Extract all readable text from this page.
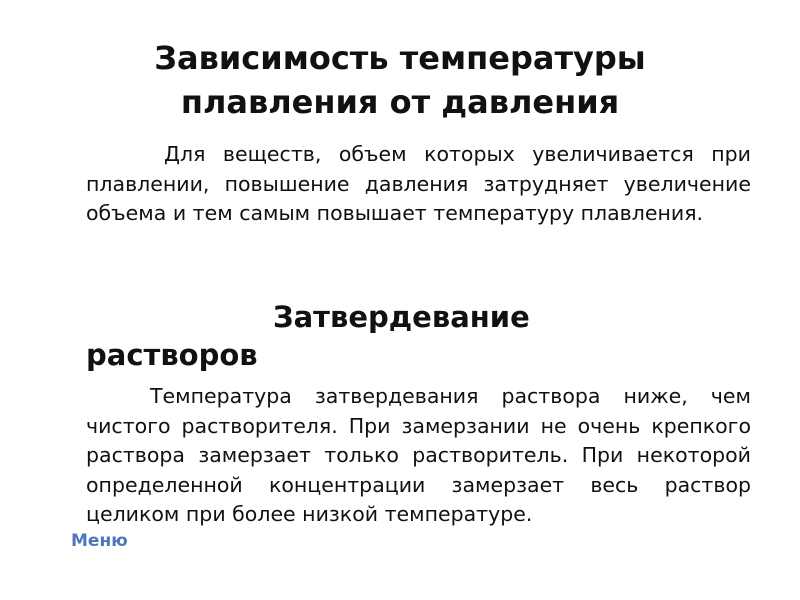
Зависимость температуры
плавления от давления
Для веществ, объем которых увеличивается при плавлении, повышение давления затрудняет увеличение объема и тем самым повышает температуру плавления.
Затвердевание
растворов
Температура затвердевания раствора ниже, чем чистого растворителя. При замерзании не очень крепкого раствора замерзает только растворитель. При некоторой определенной концентрации замерзает весь раствор целиком при более низкой температуре.
Меню
